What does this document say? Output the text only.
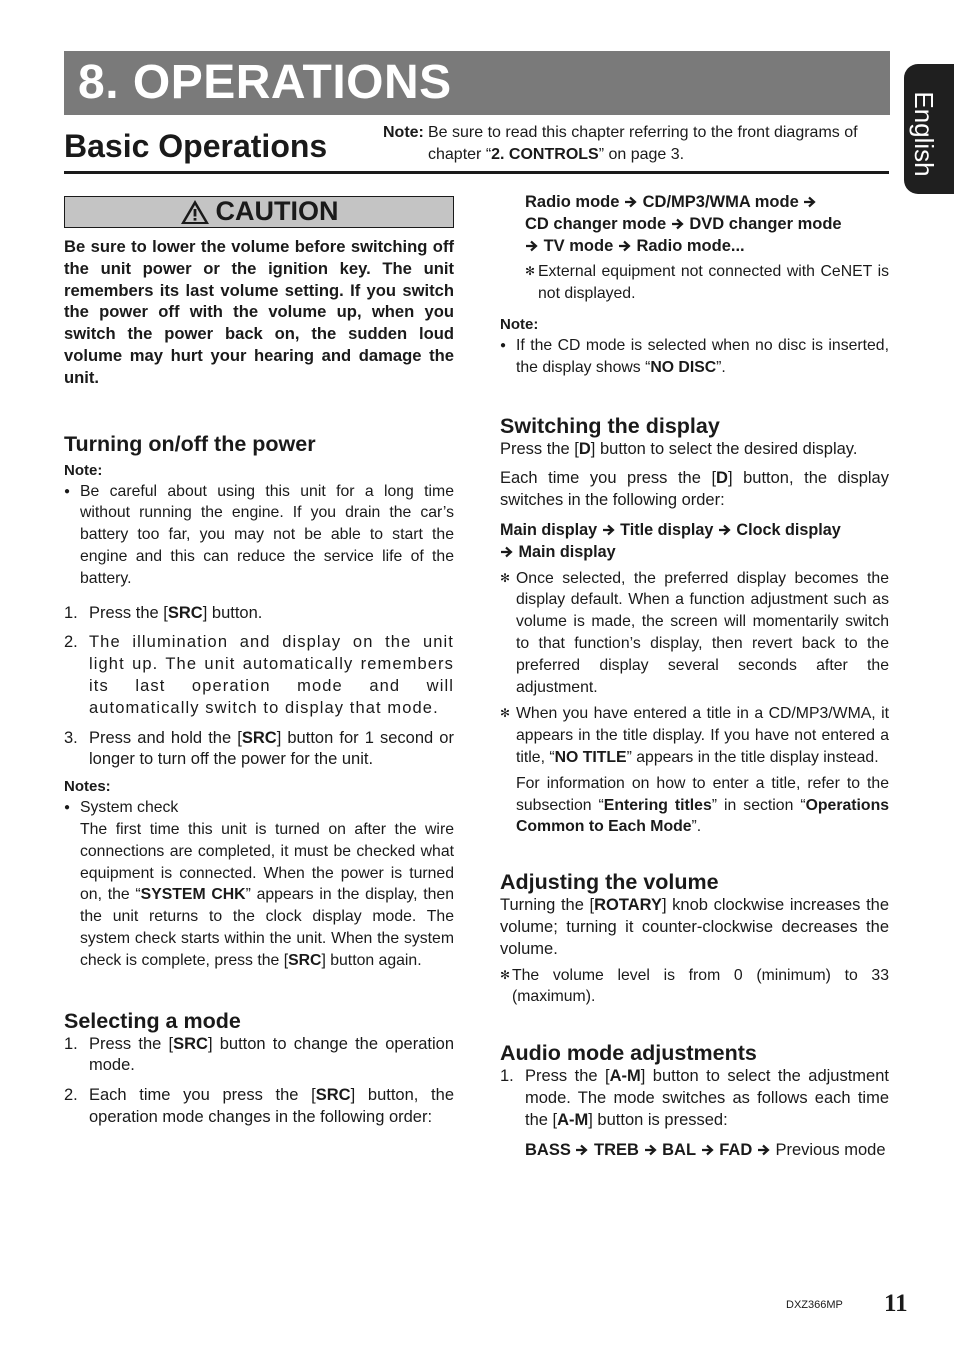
8. OPERATIONS
English
Basic Operations	Note: Be sure to read this chapter referring to the front diagrams of chapter “2. CONTROLS” on page 3.
CAUTION

Be sure to lower the volume before switching off the unit power or the ignition key. The unit remembers its last volume setting. If you switch the power off with the volume up, when you switch the power back on, the sudden loud volume may hurt your hearing and damage the unit.

Turning on/off the power
Note:
● Be careful about using this unit for a long time without running the engine. If you drain the car’s battery too far, you may not be able to start the engine and this can reduce the service life of the battery.
1. Press the [SRC] button.
2. The illumination and display on the unit light up. The unit automatically remembers its last operation mode and will automatically switch to display that mode.
3. Press and hold the [SRC] button for 1 second or longer to turn off the power for the unit.
Notes:
● System check
The first time this unit is turned on after the wire connections are completed, it must be checked what equipment is connected. When the power is turned on, the “SYSTEM CHK” appears in the display, then the unit returns to the clock display mode. The system check starts within the unit. When the system check is complete, press the [SRC] button again.
Selecting a mode
1. Press the [SRC] button to change the operation mode.
2. Each time you press the [SRC] button, the operation mode changes in the following order:
Radio mode CD/MP3/WMA mode
CD changer mode DVD changer mode
TV mode Radio mode...
✻ External equipment not connected with CeNET is not displayed.
Note:
● If the CD mode is selected when no disc is inserted, the display shows “NO DISC”.
Switching the display

Press the [D] button to select the desired display.

Each time you press the [D] button, the display switches in the following order:

Main display Title display Clock display
Main display
✻ Once selected, the preferred display becomes the display default. When a function adjustment such as volume is made, the screen will momentarily switch to that function’s display, then revert back to the preferred display several seconds after the adjustment.
✻ When you have entered a title in a CD/MP3/WMA, it appears in the title display. If you have not entered a title, “NO TITLE” appears in the title display instead.

For information on how to enter a title, refer to the subsection “Entering titles” in section “Operations Common to Each Mode”.

Adjusting the volume

Turning the [ROTARY] knob clockwise increases the volume; turning it counter-clockwise decreases the volume.

✻ The volume level is from 0 (minimum) to 33 (maximum).
Audio mode adjustments
1. Press the [A-M] button to select the adjustment mode. The mode switches as follows each time the [A-M] button is pressed:
BASS TREB BAL FAD Previous mode
DXZ366MP 11
